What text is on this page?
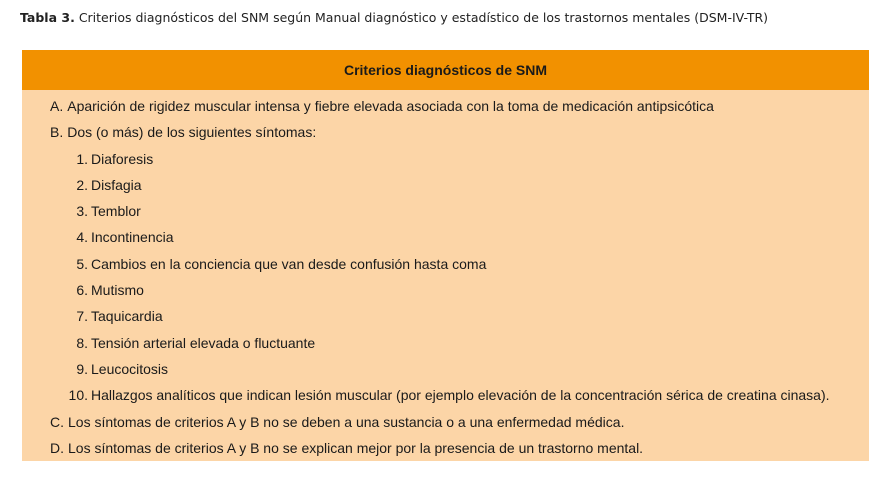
Tabla 3. Criterios diagnósticos del SNM según Manual diagnóstico y estadístico de los trastornos mentales (DSM-IV-TR)
Criterios diagnósticos de SNM
A. Aparición de rigidez muscular intensa y fiebre elevada asociada con la toma de medicación antipsicótica
B. Dos (o más) de los siguientes síntomas:
1. Diaforesis
2. Disfagia
3. Temblor
4. Incontinencia
5. Cambios en la conciencia que van desde confusión hasta coma
6. Mutismo
7. Taquicardia
8. Tensión arterial elevada o fluctuante
9. Leucocitosis
10. Hallazgos analíticos que indican lesión muscular (por ejemplo elevación de la concentración sérica de creatina cinasa).
C. Los síntomas de criterios A y B no se deben a una sustancia o a una enfermedad médica.
D. Los síntomas de criterios A y B no se explican mejor por la presencia de un trastorno mental.
